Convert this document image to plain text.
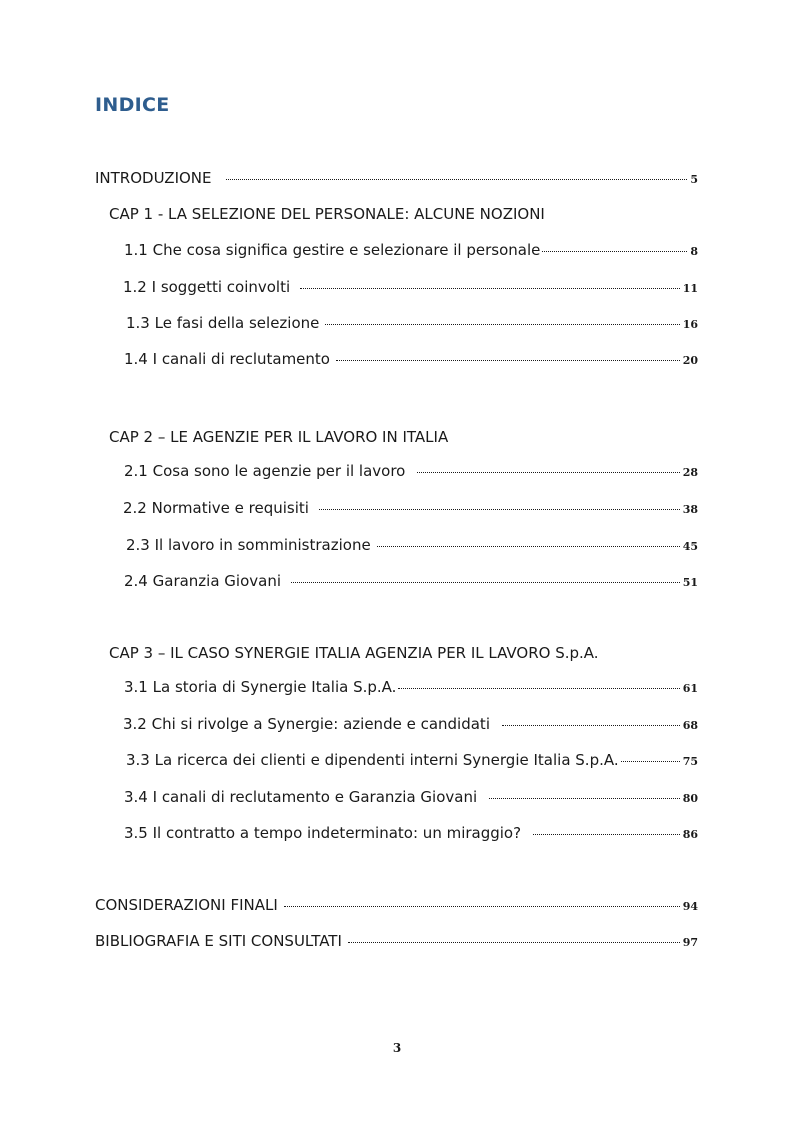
INDICE
INTRODUZIONE	5
CAP 1 - LA SELEZIONE DEL PERSONALE: ALCUNE NOZIONI
1.1 Che cosa significa gestire e selezionare il personale	8
1.2 I soggetti coinvolti	11
1.3 Le fasi della selezione	16
1.4 I canali di reclutamento	20
CAP 2 – LE AGENZIE PER IL LAVORO IN ITALIA
2.1 Cosa sono le agenzie per il lavoro	28
2.2 Normative e requisiti	38
2.3 Il lavoro in somministrazione	45
2.4 Garanzia Giovani	51
CAP 3 – IL CASO SYNERGIE ITALIA AGENZIA PER IL LAVORO S.p.A.
3.1 La storia di Synergie Italia S.p.A.	61
3.2 Chi si rivolge a Synergie: aziende e candidati	68
3.3 La ricerca dei clienti e dipendenti interni Synergie Italia S.p.A.	75
3.4 I canali di reclutamento e Garanzia Giovani	80
3.5 Il contratto a tempo indeterminato: un miraggio?	86
CONSIDERAZIONI FINALI	94
BIBLIOGRAFIA E SITI CONSULTATI	97
3
